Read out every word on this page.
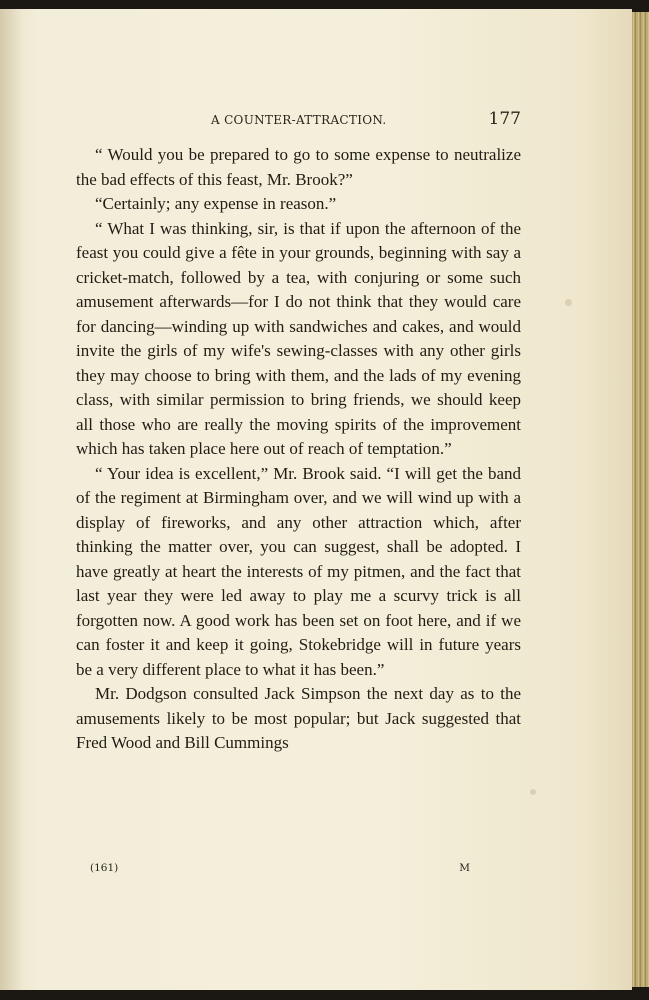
A COUNTER-ATTRACTION.	177

“ Would you be prepared to go to some expense to neutralize the bad effects of this feast, Mr. Brook?”

“Certainly; any expense in reason.”

“ What I was thinking, sir, is that if upon the afternoon of the feast you could give a fête in your grounds, beginning with say a cricket-match, followed by a tea, with conjuring or some such amusement afterwards—for I do not think that they would care for dancing—winding up with sandwiches and cakes, and would invite the girls of my wife's sewing-classes with any other girls they may choose to bring with them, and the lads of my evening class, with similar permission to bring friends, we should keep all those who are really the moving spirits of the improvement which has taken place here out of reach of temptation.”

“ Your idea is excellent,” Mr. Brook said. “I will get the band of the regiment at Birmingham over, and we will wind up with a display of fireworks, and any other attraction which, after thinking the matter over, you can suggest, shall be adopted. I have greatly at heart the interests of my pitmen, and the fact that last year they were led away to play me a scurvy trick is all forgotten now. A good work has been set on foot here, and if we can foster it and keep it going, Stokebridge will in future years be a very different place to what it has been.”

Mr. Dodgson consulted Jack Simpson the next day as to the amusements likely to be most popular; but Jack suggested that Fred Wood and Bill Cummings

(161)	M
